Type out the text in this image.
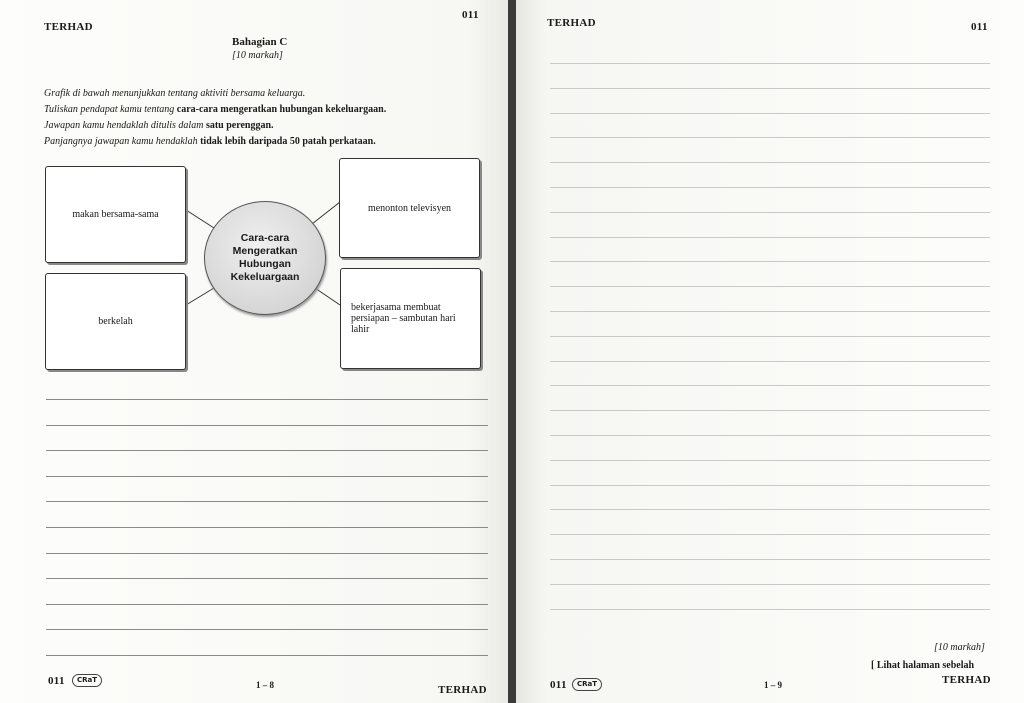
TERHAD
011
Bahagian C
[10 markah]
Grafik di bawah menunjukkan tentang aktiviti bersama keluarga.
Tuliskan pendapat kamu tentang cara-cara mengeratkan hubungan kekeluargaan.
Jawapan kamu hendaklah ditulis dalam satu perenggan.
Panjangnya jawapan kamu hendaklah tidak lebih daripada 50 patah perkataan.
makan bersama-sama
berkelah
menonton televisyen
bekerjasama membuat persiapan – sambutan hari lahir
Cara-cara
Mengeratkan
Hubungan
Kekeluargaan
011	CRaT	1 – 8	TERHAD
TERHAD	011
[10 markah]
[ Lihat halaman sebelah
TERHAD
011	CRaT	1 – 9
